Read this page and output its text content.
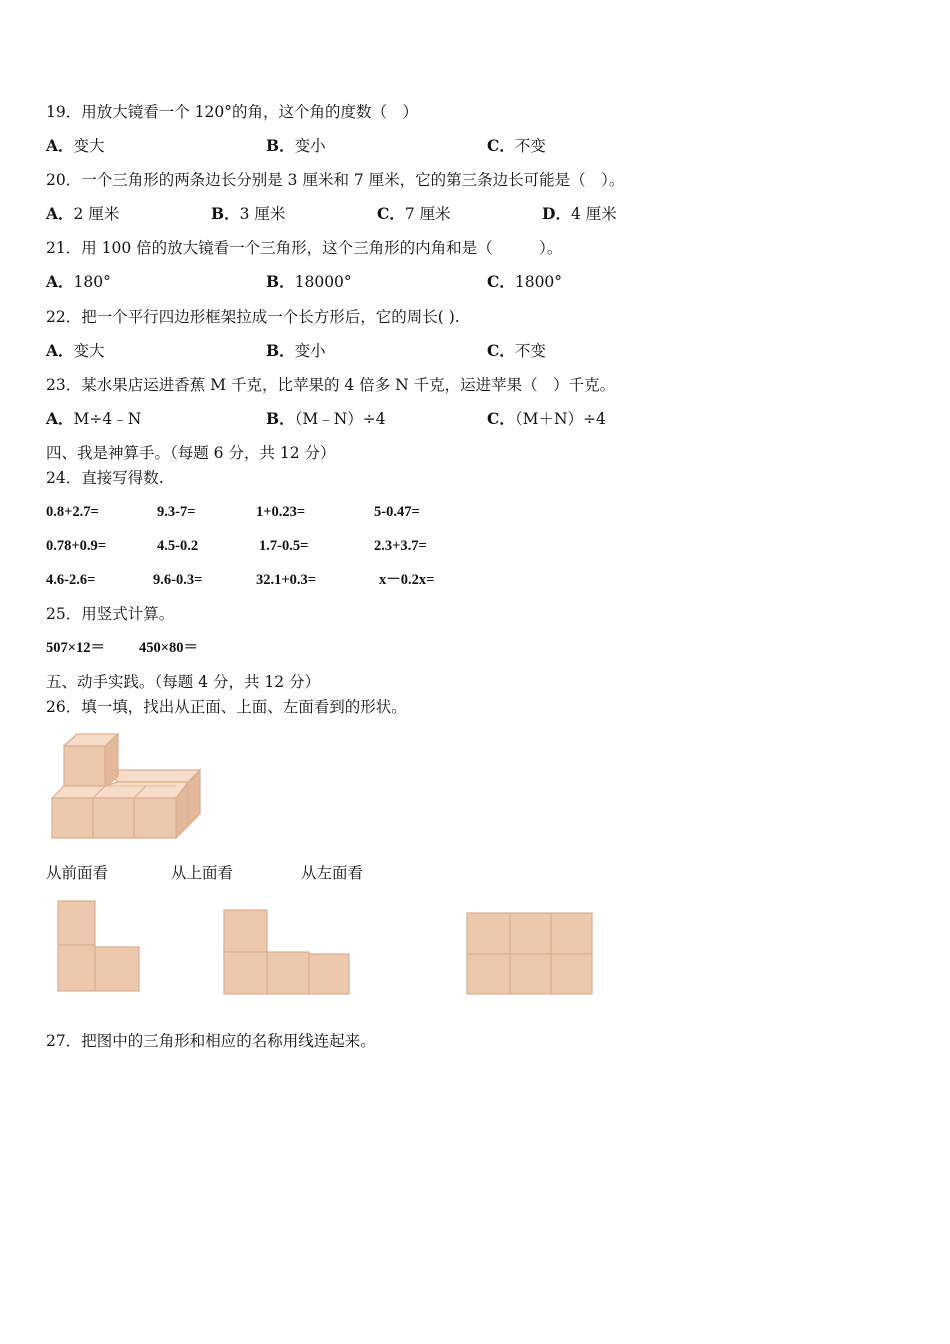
19．用放大镜看一个 120°的角，这个角的度数（　）
A．变大	B．变小	C．不变
20．一个三角形的两条边长分别是 3 厘米和 7 厘米，它的第三条边长可能是（　）。
A．2 厘米	B．3 厘米	C．7 厘米	D．4 厘米
21．用 100 倍的放大镜看一个三角形，这个三角形的内角和是（　　　）。
A．180°	B．18000°	C．1800°
22．把一个平行四边形框架拉成一个长方形后，它的周长( ).
A．变大	B．变小	C．不变
23．某水果店运进香蕉 M 千克，比苹果的 4 倍多 N 千克，运进苹果（　）千克。
A．M÷4﹣N	B．（M﹣N）÷4	C．（M＋N）÷4
四、我是神算手。（每题 6 分，共 12 分）
24．直接写得数.
0.8+2.7=	9.3-7=	1+0.23=	5-0.47=
0.78+0.9=	4.5-0.2	1.7-0.5=	2.3+3.7=
4.6-2.6=	9.6-0.3=	32.1+0.3=	x－0.2x=
25．用竖式计算。
507×12＝ 450×80＝
五、动手实践。（每题 4 分，共 12 分）
26．填一填，找出从正面、上面、左面看到的形状。
从前面看	从上面看	从左面看
27．把图中的三角形和相应的名称用线连起来。
